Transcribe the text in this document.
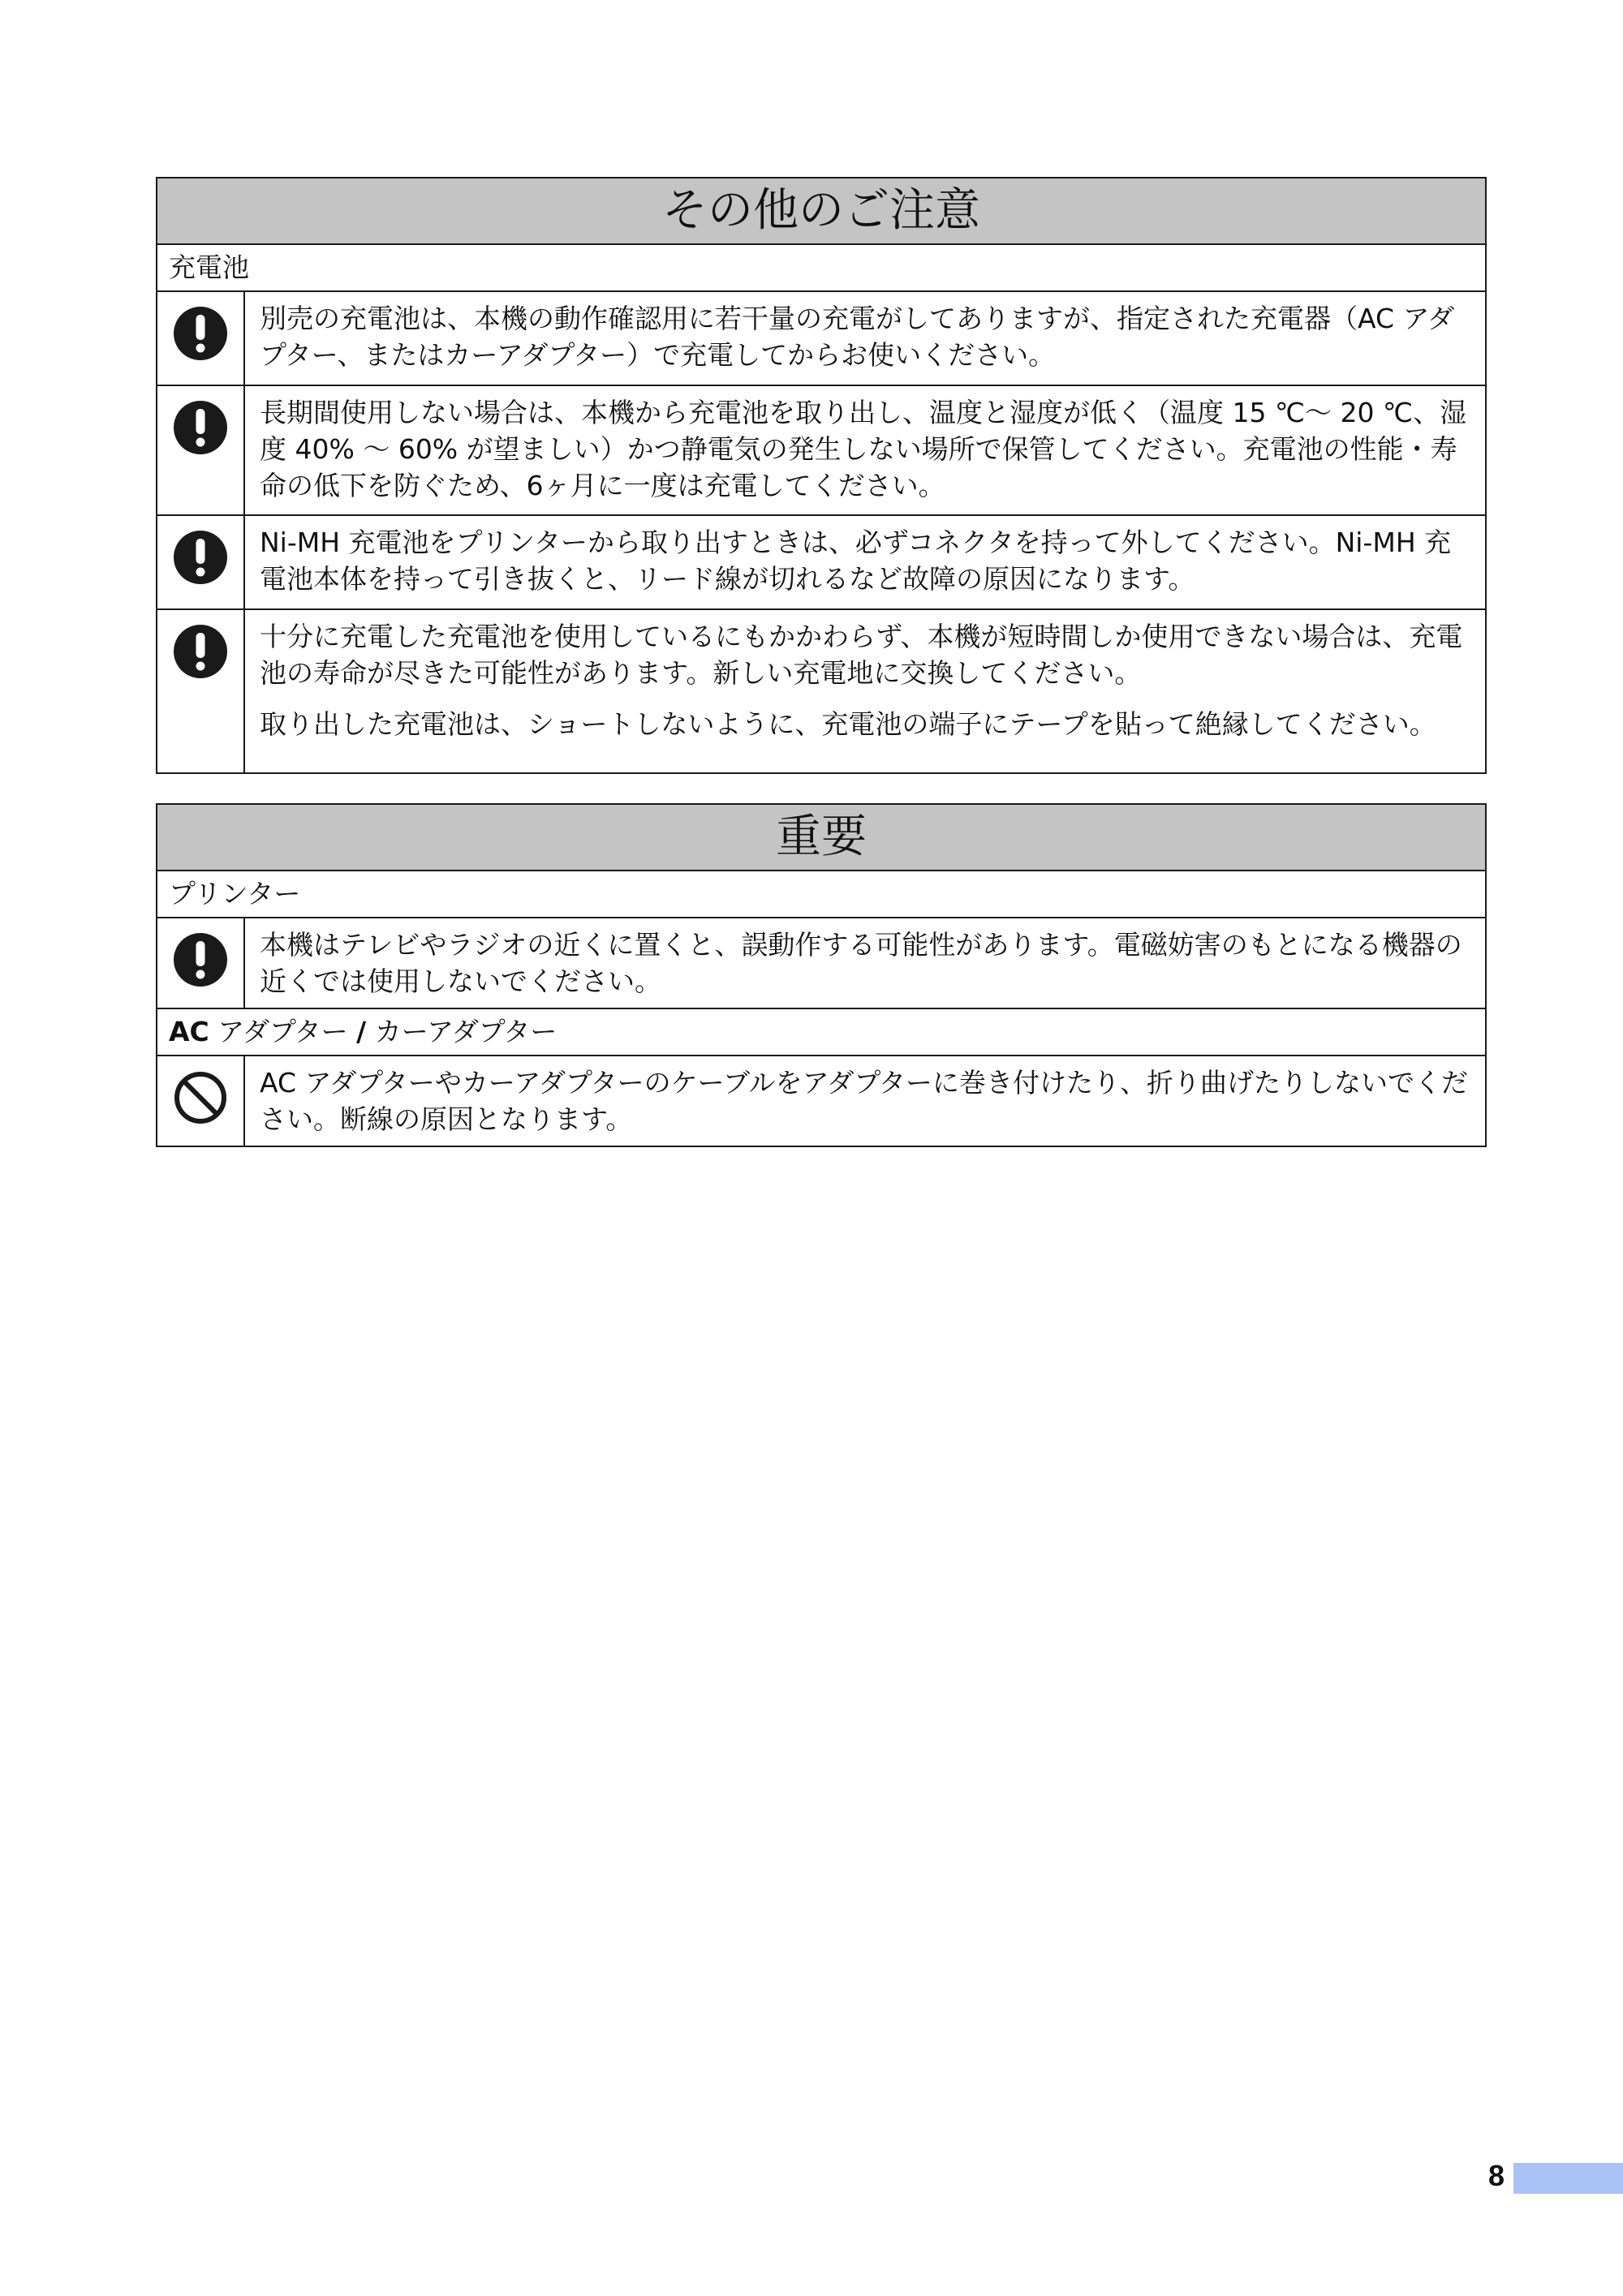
その他のご注意	
充電池	

別売の充電池は、本機の動作確認用に若干量の充電がしてありますが、指定された充電器（AC アダプター、またはカーアダプター）で充電してからお使いください。

長期間使用しない場合は、本機から充電池を取り出し、温度と湿度が低く（温度 15 ℃～ 20 ℃、湿度 40% ～ 60% が望ましい）かつ静電気の発生しない場所で保管してください。充電池の性能・寿命の低下を防ぐため、6ヶ月に一度は充電してください。

Ni-MH 充電池をプリンターから取り出すときは、必ずコネクタを持って外してください。Ni-MH 充電池本体を持って引き抜くと、リード線が切れるなど故障の原因になります。

十分に充電した充電池を使用しているにもかかわらず、本機が短時間しか使用できない場合は、充電池の寿命が尽きた可能性があります。新しい充電地に交換してください。

取り出した充電池は、ショートしないように、充電池の端子にテープを貼って絶縁してください。

重要	
プリンター	

本機はテレビやラジオの近くに置くと、誤動作する可能性があります。電磁妨害のもとになる機器の近くでは使用しないでください。

AC アダプター / カーアダプター	

AC アダプターやカーアダプターのケーブルをアダプターに巻き付けたり、折り曲げたりしないでください。断線の原因となります。

8
